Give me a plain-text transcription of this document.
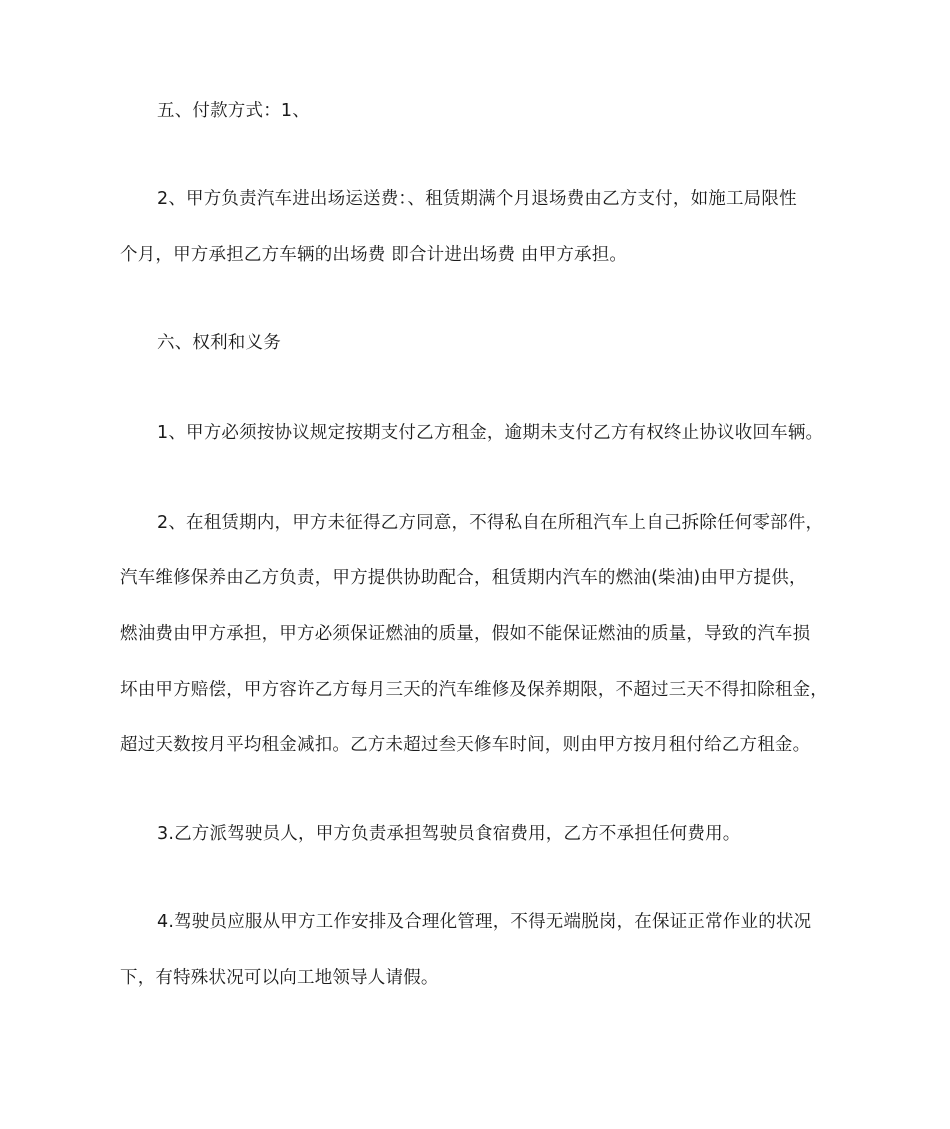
五、付款方式：1、
2、甲方负责汽车进出场运送费：、租赁期满个月退场费由乙方支付，如施工局限性
个月，甲方承担乙方车辆的出场费 即合计进出场费 由甲方承担。
六、权利和义务
1、甲方必须按协议规定按期支付乙方租金，逾期未支付乙方有权终止协议收回车辆。
2、在租赁期内，甲方未征得乙方同意，不得私自在所租汽车上自己拆除任何零部件，
汽车维修保养由乙方负责，甲方提供协助配合，租赁期内汽车的燃油(柴油)由甲方提供，
燃油费由甲方承担，甲方必须保证燃油的质量，假如不能保证燃油的质量，导致的汽车损
坏由甲方赔偿，甲方容许乙方每月三天的汽车维修及保养期限，不超过三天不得扣除租金，
超过天数按月平均租金减扣。乙方未超过叁天修车时间，则由甲方按月租付给乙方租金。
3.乙方派驾驶员人，甲方负责承担驾驶员食宿费用，乙方不承担任何费用。
4.驾驶员应服从甲方工作安排及合理化管理，不得无端脱岗，在保证正常作业的状况
下，有特殊状况可以向工地领导人请假。
